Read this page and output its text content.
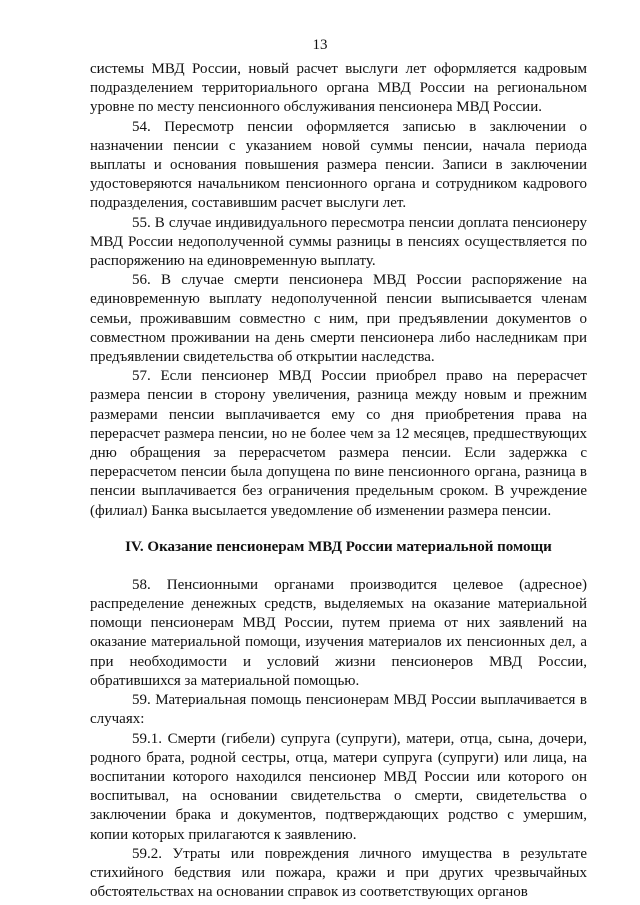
13

системы МВД России, новый расчет выслуги лет оформляется кадровым подразделением территориального органа МВД России на региональном уровне по месту пенсионного обслуживания пенсионера МВД России.

54. Пересмотр пенсии оформляется записью в заключении о назначении пенсии с указанием новой суммы пенсии, начала периода выплаты и основания повышения размера пенсии. Записи в заключении удостоверяются начальником пенсионного органа и сотрудником кадрового подразделения, составившим расчет выслуги лет.

55. В случае индивидуального пересмотра пенсии доплата пенсионеру МВД России недополученной суммы разницы в пенсиях осуществляется по распоряжению на единовременную выплату.

56. В случае смерти пенсионера МВД России распоряжение на единовременную выплату недополученной пенсии выписывается членам семьи, проживавшим совместно с ним, при предъявлении документов о совместном проживании на день смерти пенсионера либо наследникам при предъявлении свидетельства об открытии наследства.

57. Если пенсионер МВД России приобрел право на перерасчет размера пенсии в сторону увеличения, разница между новым и прежним размерами пенсии выплачивается ему со дня приобретения права на перерасчет размера пенсии, но не более чем за 12 месяцев, предшествующих дню обращения за перерасчетом размера пенсии. Если задержка с перерасчетом пенсии была допущена по вине пенсионного органа, разница в пенсии выплачивается без ограничения предельным сроком. В учреждение (филиал) Банка высылается уведомление об изменении размера пенсии.

IV. Оказание пенсионерам МВД России материальной помощи

58. Пенсионными органами производится целевое (адресное) распределение денежных средств, выделяемых на оказание материальной помощи пенсионерам МВД России, путем приема от них заявлений на оказание материальной помощи, изучения материалов их пенсионных дел, а при необходимости и условий жизни пенсионеров МВД России, обратившихся за материальной помощью.

59. Материальная помощь пенсионерам МВД России выплачивается в случаях:

59.1. Смерти (гибели) супруга (супруги), матери, отца, сына, дочери, родного брата, родной сестры, отца, матери супруга (супруги) или лица, на воспитании которого находился пенсионер МВД России или которого он воспитывал, на основании свидетельства о смерти, свидетельства о заключении брака и документов, подтверждающих родство с умершим, копии которых прилагаются к заявлению.

59.2. Утраты или повреждения личного имущества в результате стихийного бедствия или пожара, кражи и при других чрезвычайных обстоятельствах на основании справок из соответствующих органов
